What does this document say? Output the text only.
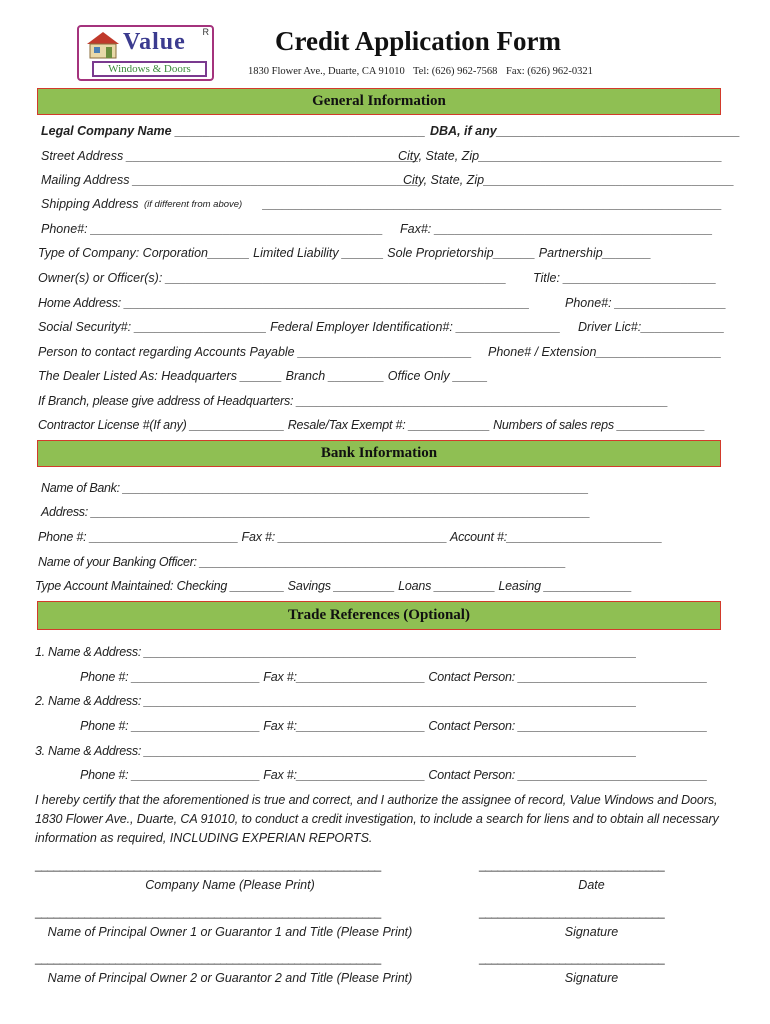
Value R
Windows & Doors
Credit Application Form
1830 Flower Ave., Duarte, CA 91010 Tel: (626) 962-7568 Fax: (626) 962-0321
General Information
Legal Company Name ____________________________________ DBA, if any___________________________________
Street Address __________________________________________
City, State, Zip___________________________________
Mailing Address _________________________________________
City, State, Zip____________________________________
Shipping Address (if different from above) ______________________________________________________________________
Phone#: __________________________________________ Fax#: ________________________________________
Type of Company: Corporation______ Limited Liability ______ Sole Proprietorship______ Partnership_______
Owner(s) or Officer(s): _________________________________________________ Title: ______________________
Home Address: ____________________________________________________________	Phone#: ________________
Social Security#: ___________________ Federal Employer Identification#: _______________ Driver Lic#:____________
Person to contact regarding Accounts Payable _________________________ Phone# / Extension__________________
The Dealer Listed As: Headquarters ______ Branch ________ Office Only _____
If Branch, please give address of Headquarters: _______________________________________________________
Contractor License #(If any) ______________ Resale/Tax Exempt #: ____________ Numbers of sales reps _____________
Bank Information
Name of Bank: ______________________________________________________________________
Address: ___________________________________________________________________________
Phone #: ______________________ Fax #: _________________________ Account #:_______________________
Name of your Banking Officer: _______________________________________________________
Type Account Maintained: Checking ________ Savings _________ Loans _________ Leasing _____________
Trade References (Optional)
1. Name & Address: __________________________________________________________________________
Phone #: ___________________ Fax #:___________________ Contact Person: ____________________________
2. Name & Address: __________________________________________________________________________
Phone #: ___________________ Fax #:___________________ Contact Person: ____________________________
3. Name & Address: __________________________________________________________________________
Phone #: ___________________ Fax #:___________________ Contact Person: ____________________________
I hereby certify that the aforementioned is true and correct, and I authorize the assignee of record, Value Windows and Doors,
1830 Flower Ave., Duarte, CA 91010, to conduct a credit investigation, to include a search for liens and to obtain all necessary
information as required, INCLUDING EXPERIAN REPORTS.
________________________________________________________	______________________________
Company Name (Please Print)	Date
________________________________________________________	______________________________
Name of Principal Owner 1 or Guarantor 1 and Title (Please Print)	Signature
________________________________________________________	______________________________
Name of Principal Owner 2 or Guarantor 2 and Title (Please Print)	Signature
